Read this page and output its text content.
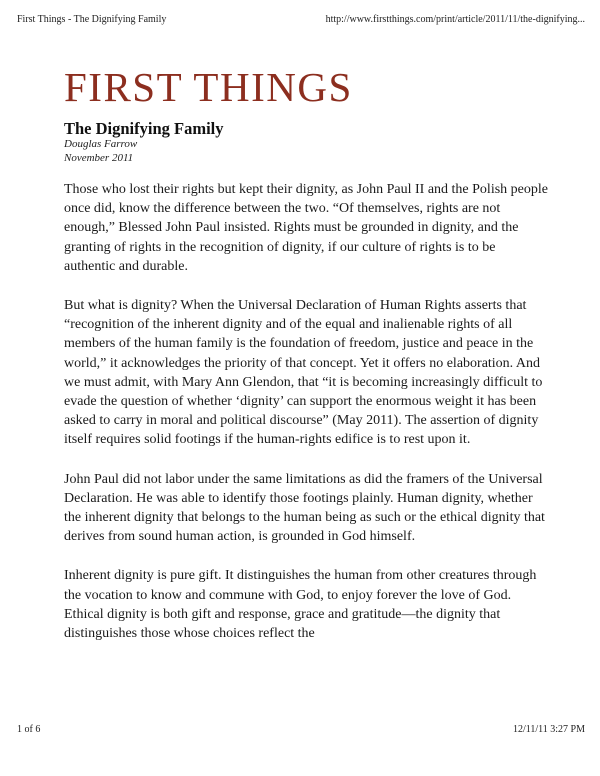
First Things - The Dignifying Family	http://www.firstthings.com/print/article/2011/11/the-dignifying...
FIRST THINGS
The Dignifying Family
Douglas Farrow
November 2011

Those who lost their rights but kept their dignity, as John Paul II and the Polish people once did, know the difference between the two. “Of themselves, rights are not enough,” Blessed John Paul insisted. Rights must be grounded in dignity, and the granting of rights in the recognition of dignity, if our culture of rights is to be authentic and durable.

But what is dignity? When the Universal Declaration of Human Rights asserts that “recognition of the inherent dignity and of the equal and inalienable rights of all members of the human family is the foundation of freedom, justice and peace in the world,” it acknowledges the priority of that concept. Yet it offers no elaboration. And we must admit, with Mary Ann Glendon, that “it is becoming increasingly difficult to evade the question of whether ‘dignity’ can support the enormous weight it has been asked to carry in moral and political discourse” (May 2011). The assertion of dignity itself requires solid footings if the human-rights edifice is to rest upon it.

John Paul did not labor under the same limitations as did the framers of the Universal Declaration. He was able to identify those footings plainly. Human dignity, whether the inherent dignity that belongs to the human being as such or the ethical dignity that derives from sound human action, is grounded in God himself.

Inherent dignity is pure gift. It distinguishes the human from other creatures through the vocation to know and commune with God, to enjoy forever the love of God. Ethical dignity is both gift and response, grace and gratitude—the dignity that distinguishes those whose choices reflect the

1 of 6	12/11/11 3:27 PM
